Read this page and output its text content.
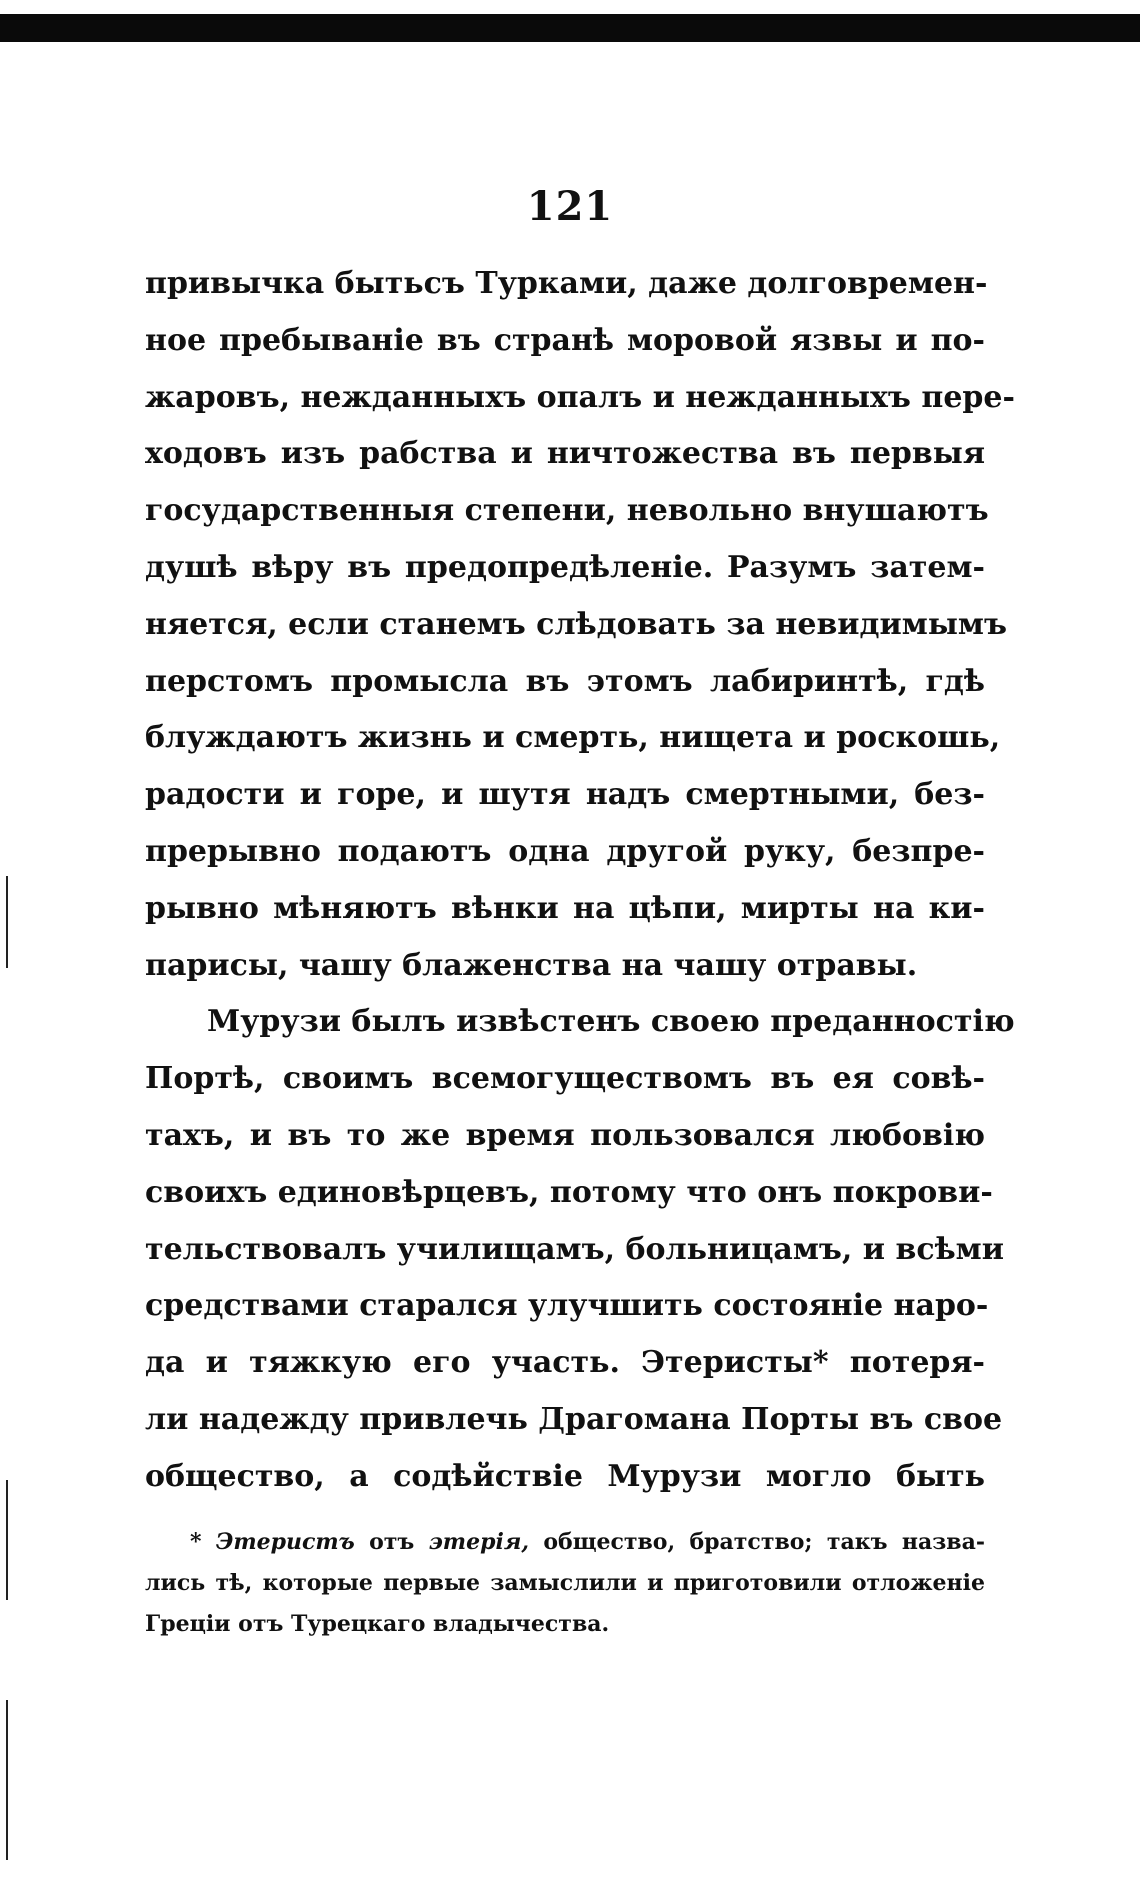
121
привычка бытьсъ Турками, даже долговремен-
ное пребываніе въ странѣ моровой язвы и по-
жаровъ, нежданныхъ опалъ и нежданныхъ пере-
ходовъ изъ рабства и ничтожества въ первыя
государственныя степени, невольно внушаютъ
душѣ вѣру въ предопредѣленіе. Разумъ затем-
няется, если станемъ слѣдовать за невидимымъ
перстомъ промысла въ этомъ лабиринтѣ, гдѣ
блуждаютъ жизнь и смерть, нищета и роскошь,
радости и горе, и шутя надъ смертными, без-
прерывно подаютъ одна другой руку, безпре-
рывно мѣняютъ вѣнки на цѣпи, мирты на ки-
парисы, чашу блаженства на чашу отравы.
Мурузи былъ извѣстенъ своею преданностію
Портѣ, своимъ всемогуществомъ въ ея совѣ-
тахъ, и въ то же время пользовался любовію
своихъ единовѣрцевъ, потому что онъ покрови-
тельствовалъ училищамъ, больницамъ, и всѣми
средствами старался улучшить состояніе наро-
да и тяжкую его участь. Этеристы* потеря-
ли надежду привлечь Драгомана Порты въ свое
общество, а содѣйствіе Мурузи могло быть
* Этеристъ отъ этерія, общество, братство; такъ назва-
лись тѣ, которые первые замыслили и приготовили отложеніе
Греціи отъ Турецкаго владычества.
